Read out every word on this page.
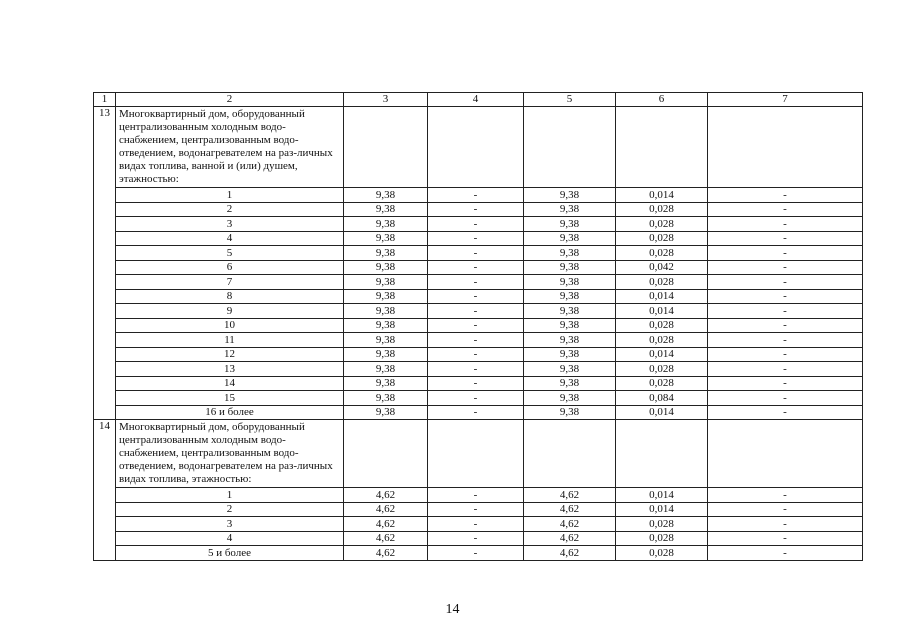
1	2	3	4	5	6	7
13	Многоквартирный дом, оборудованный централизованным холодным водо-снабжением, централизованным водо-отведением, водонагревателем на раз-личных видах топлива, ванной и (или) душем, этажностью:					
	1	9,38	-	9,38	0,014	-
	2	9,38	-	9,38	0,028	-
	3	9,38	-	9,38	0,028	-
	4	9,38	-	9,38	0,028	-
	5	9,38	-	9,38	0,028	-
	6	9,38	-	9,38	0,042	-
	7	9,38	-	9,38	0,028	-
	8	9,38	-	9,38	0,014	-
	9	9,38	-	9,38	0,014	-
	10	9,38	-	9,38	0,028	-
	11	9,38	-	9,38	0,028	-
	12	9,38	-	9,38	0,014	-
	13	9,38	-	9,38	0,028	-
	14	9,38	-	9,38	0,028	-
	15	9,38	-	9,38	0,084	-
	16 и более	9,38	-	9,38	0,014	-
14	Многоквартирный дом, оборудованный централизованным холодным водо-снабжением, централизованным водо-отведением, водонагревателем на раз-личных видах топлива, этажностью:					
	1	4,62	-	4,62	0,014	-
	2	4,62	-	4,62	0,014	-
	3	4,62	-	4,62	0,028	-
	4	4,62	-	4,62	0,028	-
	5 и более	4,62	-	4,62	0,028	-
14
